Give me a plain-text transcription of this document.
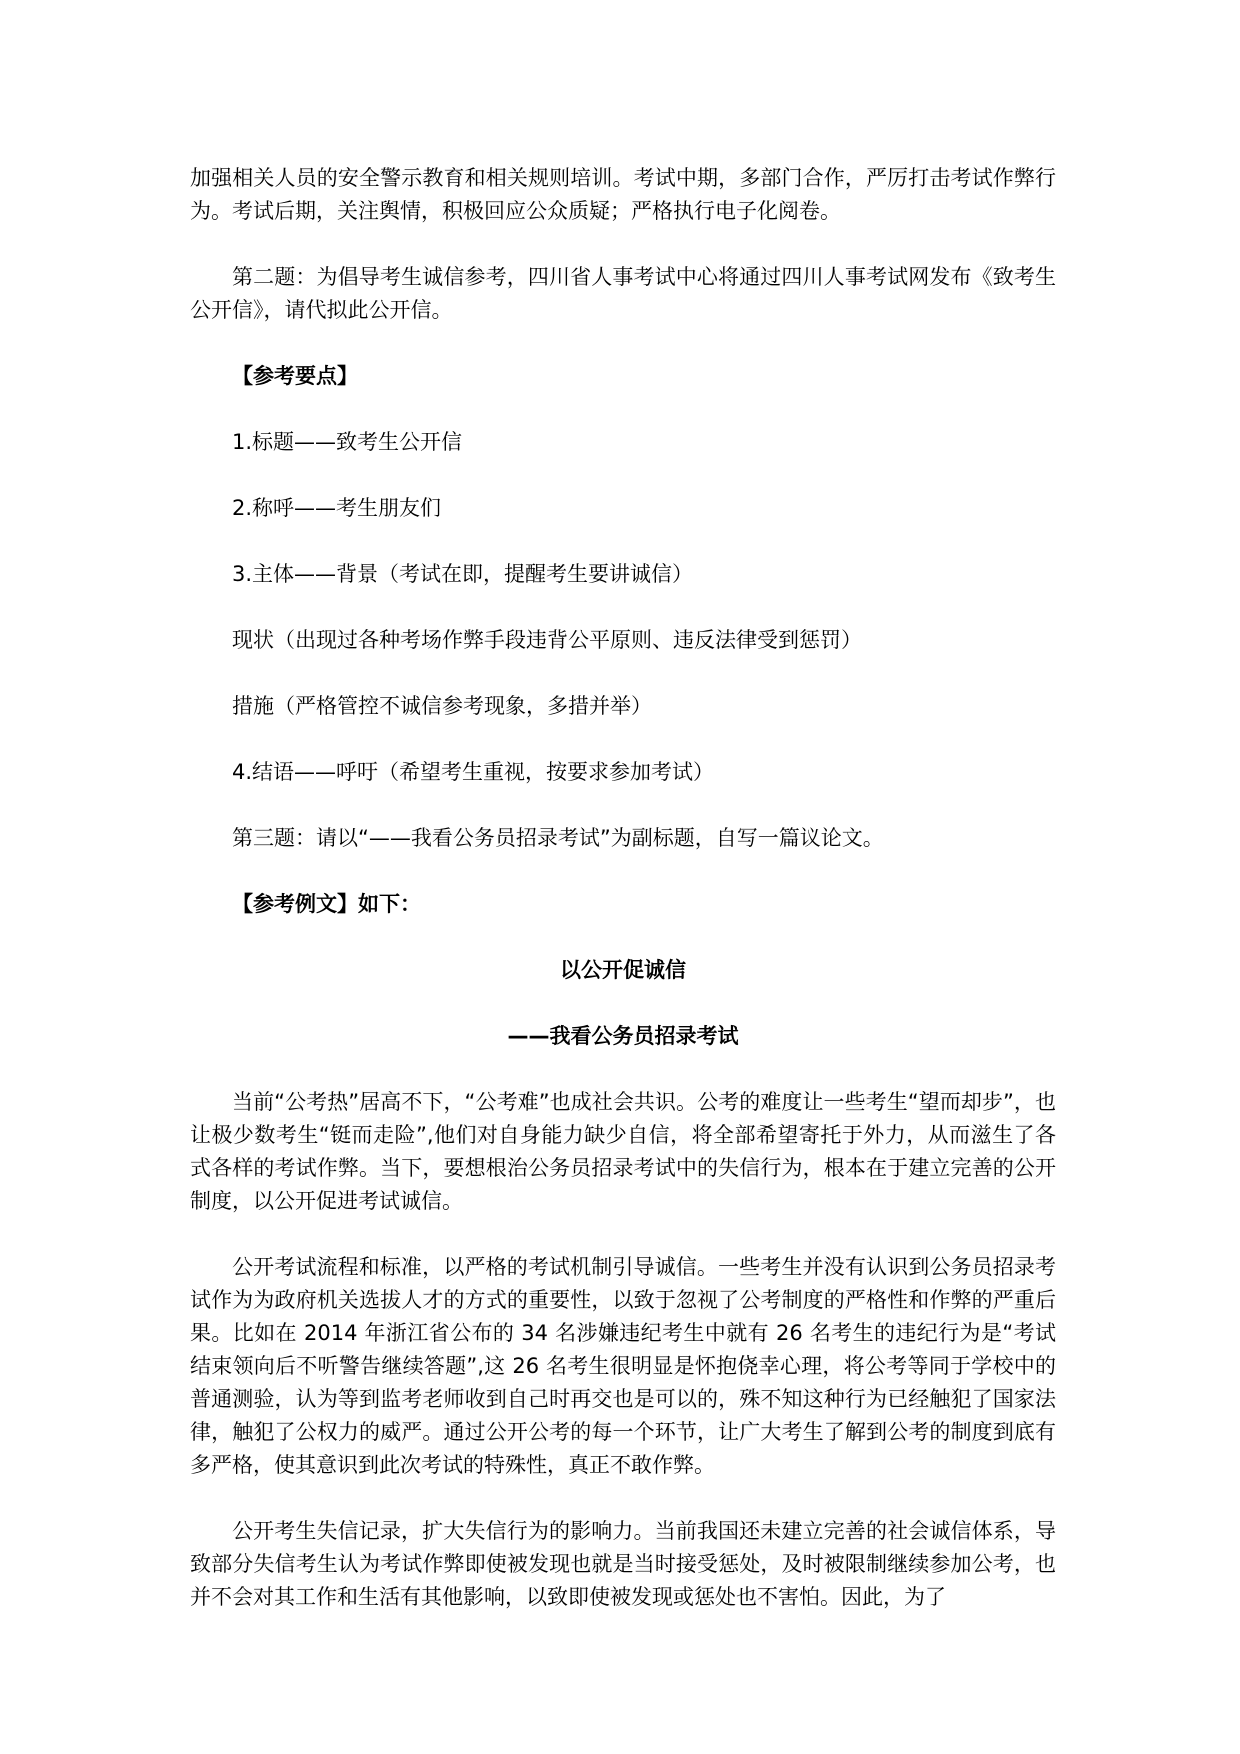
加强相关人员的安全警示教育和相关规则培训。考试中期，多部门合作，严厉打击考试作弊行为。考试后期，关注舆情，积极回应公众质疑；严格执行电子化阅卷。

第二题：为倡导考生诚信参考，四川省人事考试中心将通过四川人事考试网发布《致考生公开信》，请代拟此公开信。

【参考要点】

1.标题——致考生公开信

2.称呼——考生朋友们

3.主体——背景（考试在即，提醒考生要讲诚信）

现状（出现过各种考场作弊手段违背公平原则、违反法律受到惩罚）

措施（严格管控不诚信参考现象，多措并举）

4.结语——呼吁（希望考生重视，按要求参加考试）

第三题：请以“——我看公务员招录考试”为副标题，自写一篇议论文。

【参考例文】如下：

以公开促诚信

——我看公务员招录考试

当前“公考热”居高不下，“公考难”也成社会共识。公考的难度让一些考生“望而却步”，也让极少数考生“铤而走险”,他们对自身能力缺少自信，将全部希望寄托于外力，从而滋生了各式各样的考试作弊。当下，要想根治公务员招录考试中的失信行为，根本在于建立完善的公开制度，以公开促进考试诚信。

公开考试流程和标准，以严格的考试机制引导诚信。一些考生并没有认识到公务员招录考试作为为政府机关选拔人才的方式的重要性，以致于忽视了公考制度的严格性和作弊的严重后果。比如在 2014 年浙江省公布的 34 名涉嫌违纪考生中就有 26 名考生的违纪行为是“考试结束领向后不听警告继续答题”,这 26 名考生很明显是怀抱侥幸心理，将公考等同于学校中的普通测验，认为等到监考老师收到自己时再交也是可以的，殊不知这种行为已经触犯了国家法律，触犯了公权力的威严。通过公开公考的每一个环节，让广大考生了解到公考的制度到底有多严格，使其意识到此次考试的特殊性，真正不敢作弊。

公开考生失信记录，扩大失信行为的影响力。当前我国还未建立完善的社会诚信体系，导致部分失信考生认为考试作弊即使被发现也就是当时接受惩处，及时被限制继续参加公考，也并不会对其工作和生活有其他影响，以致即使被发现或惩处也不害怕。因此，为了
